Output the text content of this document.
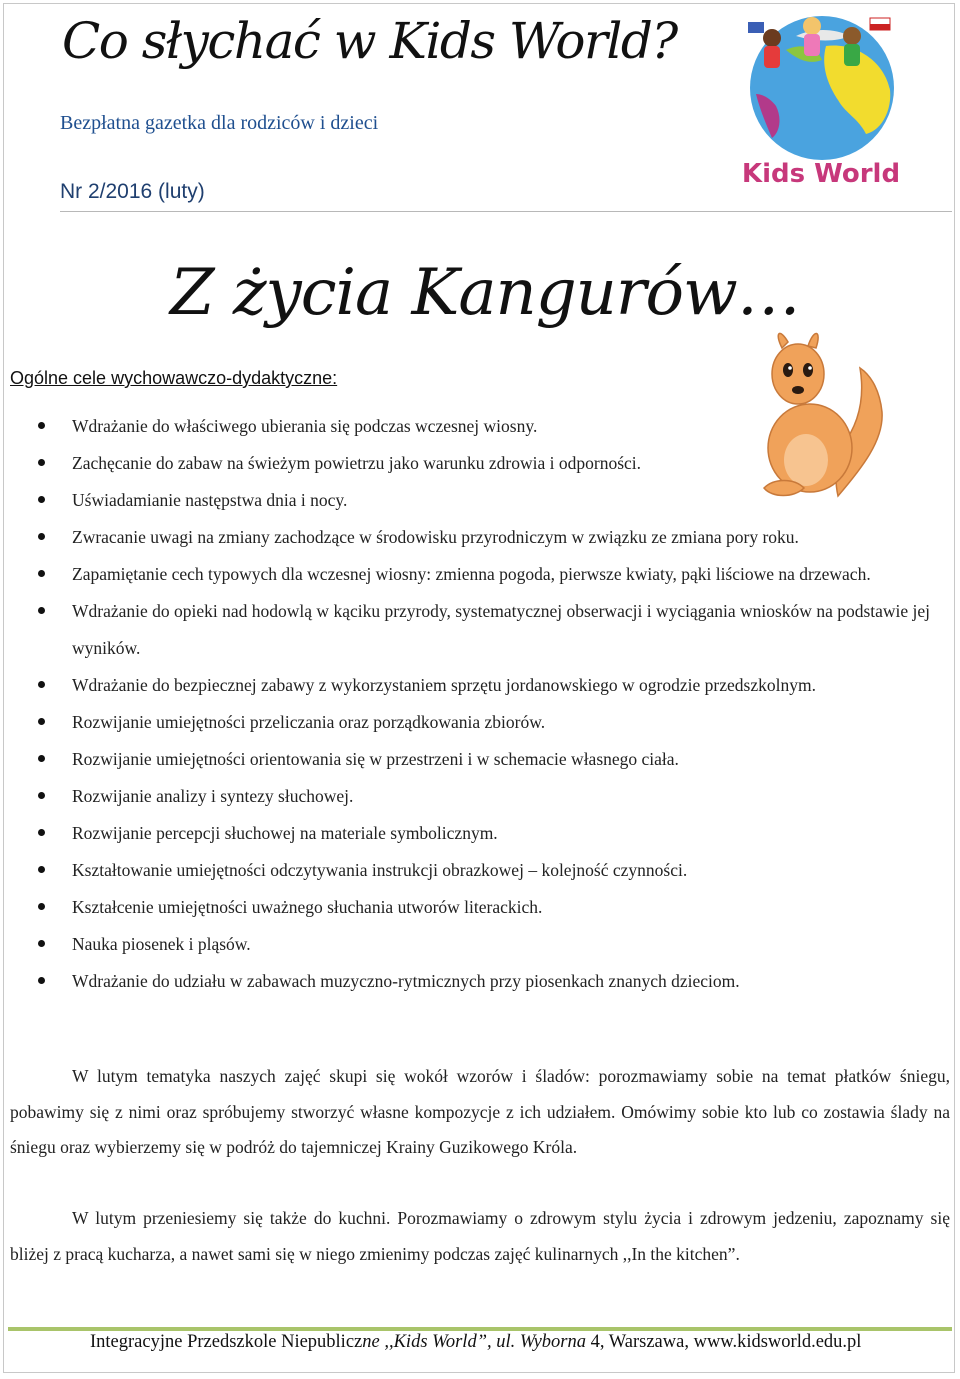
Co słychać w Kids World?
Bezpłatna gazetka dla rodziców i dzieci
Nr 2/2016 (luty)
Kids World
Z życia Kangurów…
Ogólne cele wychowawczo-dydaktyczne:
Wdrażanie do właściwego ubierania się podczas wczesnej wiosny.
Zachęcanie do zabaw na świeżym powietrzu jako warunku zdrowia i odporności.
Uświadamianie następstwa dnia i nocy.
Zwracanie uwagi na zmiany zachodzące w środowisku przyrodniczym w związku ze zmiana pory roku.
Zapamiętanie cech typowych dla wczesnej wiosny: zmienna pogoda, pierwsze kwiaty, pąki liściowe na drzewach.
Wdrażanie do opieki nad hodowlą w kąciku przyrody, systematycznej obserwacji i wyciągania wniosków na podstawie jej wyników.
Wdrażanie do bezpiecznej zabawy z wykorzystaniem sprzętu jordanowskiego w ogrodzie przedszkolnym.
Rozwijanie umiejętności przeliczania oraz porządkowania zbiorów.
Rozwijanie umiejętności orientowania się w przestrzeni i w schemacie własnego ciała.
Rozwijanie analizy i syntezy słuchowej.
Rozwijanie percepcji słuchowej na materiale symbolicznym.
Kształtowanie umiejętności odczytywania instrukcji obrazkowej – kolejność czynności.
Kształcenie umiejętności uważnego słuchania utworów literackich.
Nauka piosenek i pląsów.
Wdrażanie do udziału w zabawach muzyczno-rytmicznych przy piosenkach znanych dzieciom.

W lutym tematyka naszych zajęć skupi się wokół wzorów i śladów: porozmawiamy sobie na temat płatków śniegu, pobawimy się z nimi oraz spróbujemy stworzyć własne kompozycje z ich udziałem. Omówimy sobie kto lub co zostawia ślady na śniegu oraz wybierzemy się w podróż do tajemniczej Krainy Guzikowego Króla.

W lutym przeniesiemy się także do kuchni. Porozmawiamy o zdrowym stylu życia i zdrowym jedzeniu, zapoznamy się bliżej z pracą kucharza, a nawet sami się w niego zmienimy podczas zajęć kulinarnych ,,In the kitchen”.

Integracyjne Przedszkole Niepubliczne ,,Kids World”, ul. Wyborna 4, Warszawa, www.kidsworld.edu.pl
